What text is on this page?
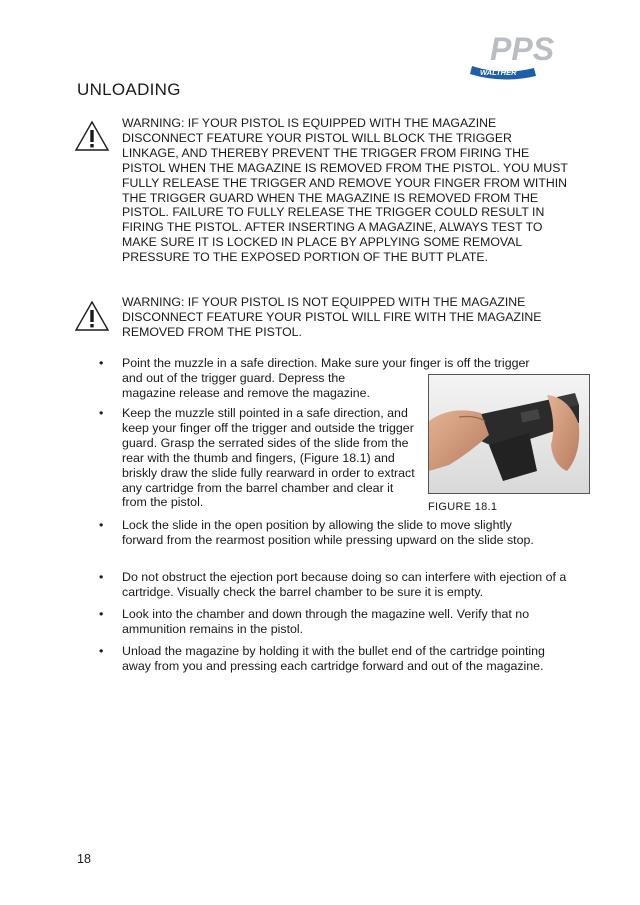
PPS
WALTHER
UNLOADING

WARNING: IF YOUR PISTOL IS EQUIPPED WITH THE MAGAZINE DISCONNECT FEATURE YOUR PISTOL WILL BLOCK THE TRIGGER LINKAGE, AND THEREBY PREVENT THE TRIGGER FROM FIRING THE PISTOL WHEN THE MAGAZINE IS REMOVED FROM THE PISTOL. YOU MUST FULLY RELEASE THE TRIGGER AND REMOVE YOUR FINGER FROM WITHIN THE TRIGGER GUARD WHEN THE MAGAZINE IS REMOVED FROM THE PISTOL. FAILURE TO FULLY RELEASE THE TRIGGER COULD RESULT IN FIRING THE PISTOL. AFTER INSERTING A MAGAZINE, ALWAYS TEST TO MAKE SURE IT IS LOCKED IN PLACE BY APPLYING SOME REMOVAL PRESSURE TO THE EXPOSED PORTION OF THE BUTT PLATE.

WARNING: IF YOUR PISTOL IS NOT EQUIPPED WITH THE MAGAZINE DISCONNECT FEATURE YOUR PISTOL WILL FIRE WITH THE MAGAZINE REMOVED FROM THE PISTOL.

• Point the muzzle in a safe direction. Make sure your finger is off the trigger

and out of the trigger guard. Depress the magazine release and remove the magazine.

• Keep the muzzle still pointed in a safe direction, and keep your finger off the trigger and outside the trigger guard. Grasp the serrated sides of the slide from the rear with the thumb and fingers, (Figure 18.1) and briskly draw the slide fully rearward in order to extract any cartridge from the barrel chamber and clear it from the pistol.	FIGURE 18.1

• Lock the slide in the open position by allowing the slide to move slightly forward from the rearmost position while pressing upward on the slide stop.

• Do not obstruct the ejection port because doing so can interfere with ejection of a cartridge. Visually check the barrel chamber to be sure it is empty.

• Look into the chamber and down through the magazine well. Verify that no ammunition remains in the pistol.

• Unload the magazine by holding it with the bullet end of the cartridge pointing away from you and pressing each cartridge forward and out of the magazine.

18
